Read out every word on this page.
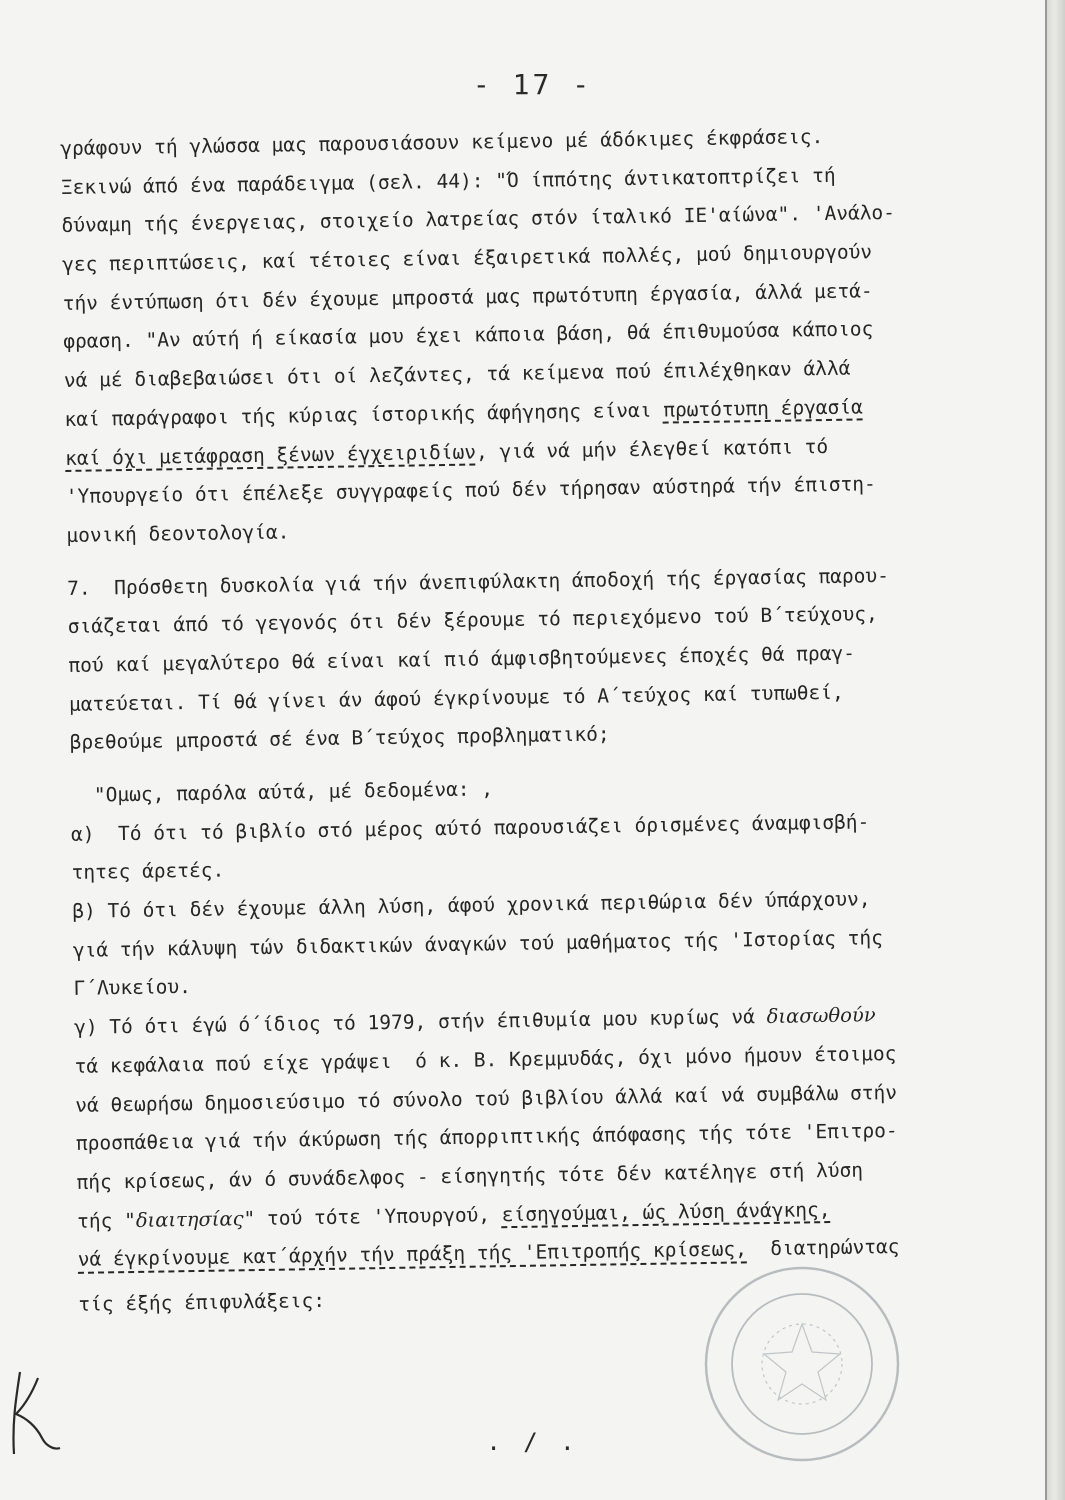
- 17 -
γράφουν τή γλώσσα μας παρουσιάσουν κείμενο μέ άδόκιμες έκφράσεις.
Ξεκινώ άπό ένα παράδειγμα (σελ. 44): "Ό ίππότης άντικατοπτρίζει τή
δύναμη τής ένεργειας, στοιχείο λατρείας στόν ίταλικό ΙΕ'αίώνα". 'Ανάλο-
γες περιπτώσεις, καί τέτοιες είναι έξαιρετικά πολλές, μού δημιουργούν
τήν έντύπωση ότι δέν έχουμε μπροστά μας πρωτότυπη έργασία, άλλά μετά-
φραση. "Αν αύτή ή είκασία μου έχει κάποια βάση, θά έπιθυμούσα κάποιος
νά μέ διαβεβαιώσει ότι οί λεζάντες, τά κείμενα πού έπιλέχθηκαν άλλά
καί παράγραφοι τής κύριας ίστορικής άφήγησης είναι πρωτότυπη έργασία
καί όχι μετάφραση ξένων έγχειριδίων, γιά νά μήν έλεγθεί κατόπι τό
'Υπουργείο ότι έπέλεξε συγγραφείς πού δέν τήρησαν αύστηρά τήν έπιστη-
μονική δεοντολογία.
7.  Πρόσθετη δυσκολία γιά τήν άνεπιφύλακτη άποδοχή τής έργασίας παρου-
σιάζεται άπό τό γεγονός ότι δέν ξέρουμε τό περιεχόμενο τού Β΄τεύχους,
πού καί μεγαλύτερο θά είναι καί πιό άμφισβητούμενες έποχές θά πραγ-
ματεύεται. Τί θά γίνει άν άφού έγκρίνουμε τό Α΄τεύχος καί τυπωθεί,
βρεθούμε μπροστά σέ ένα Β΄τεύχος προβληματικό;
"Ομως, παρόλα αύτά, μέ δεδομένα: ,
α)  Τό ότι τό βιβλίο στό μέρος αύτό παρουσιάζει όρισμένες άναμφισβή-
τητες άρετές.
β) Τό ότι δέν έχουμε άλλη λύση, άφού χρονικά περιθώρια δέν ύπάρχουν,
γιά τήν κάλυψη τών διδακτικών άναγκών τού μαθήματος τής 'Ιστορίας τής
Γ΄Λυκείου.
γ) Τό ότι έγώ ό΄ίδιος τό 1979, στήν έπιθυμία μου κυρίως νά διασωθούν
τά κεφάλαια πού είχε γράψει  ό κ. Β. Κρεμμυδάς, όχι μόνο ήμουν έτοιμος
νά θεωρήσω δημοσιεύσιμο τό σύνολο τού βιβλίου άλλά καί νά συμβάλω στήν
προσπάθεια γιά τήν άκύρωση τής άπορριπτικής άπόφασης τής τότε 'Επιτρο-
πής κρίσεως, άν ό συνάδελφος - είσηγητής τότε δέν κατέληγε στή λύση
τής "διαιτησίας" τού τότε 'Υπουργού, είσηγούμαι, ώς λύση άνάγκης,
νά έγκρίνουμε κατ΄άρχήν τήν πράξη τής 'Επιτροπής κρίσεως,  διατηρώντας
τίς έξής έπιφυλάξεις:
. / .
